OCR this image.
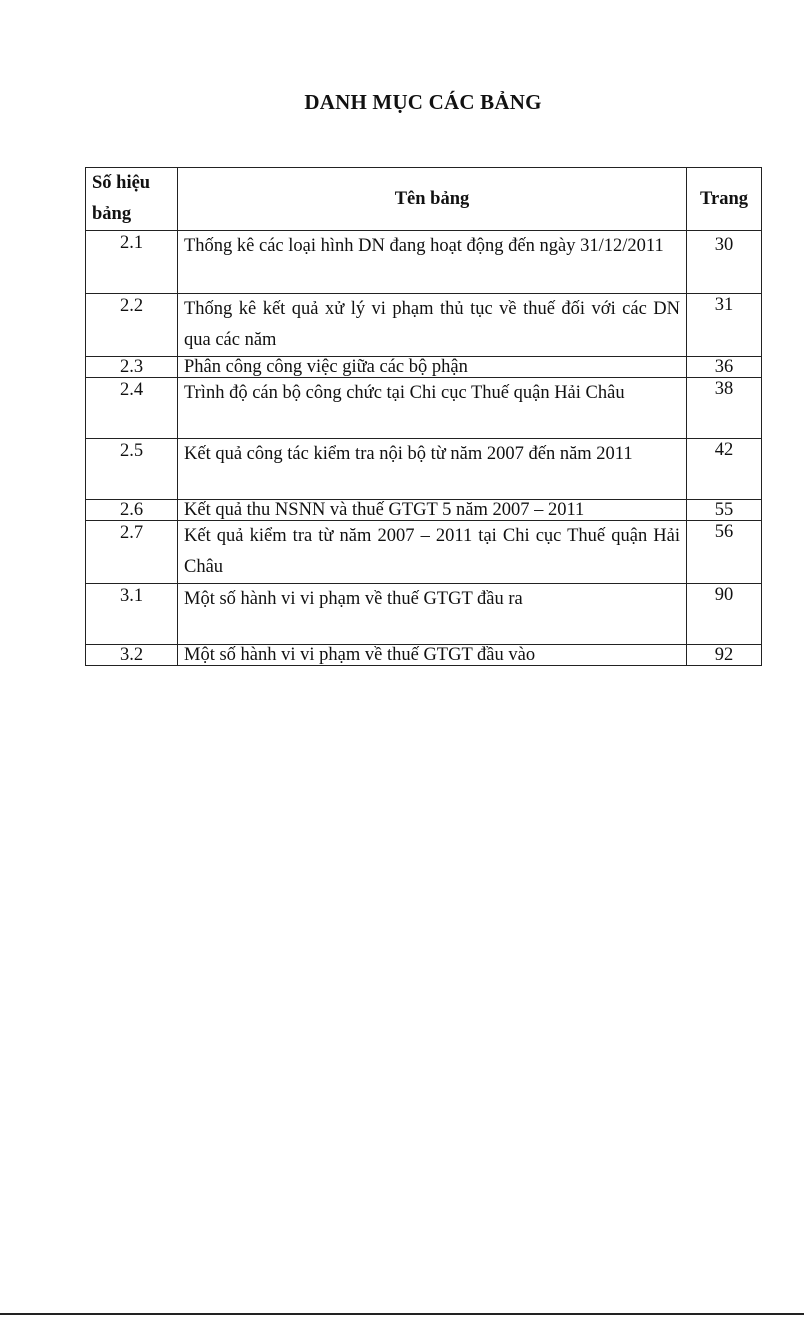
DANH MỤC CÁC BẢNG
Số hiệu bảng	Tên bảng	Trang
2.1	Thống kê các loại hình DN đang hoạt động đến ngày 31/12/2011	30
2.2	Thống kê kết quả xử lý vi phạm thủ tục về thuế đối với các DN qua các năm	31
2.3	Phân công công việc giữa các bộ phận	36
2.4	Trình độ cán bộ công chức tại Chi cục Thuế quận Hải Châu	38
2.5	Kết quả công tác kiểm tra nội bộ từ năm 2007 đến năm 2011	42
2.6	Kết quả thu NSNN và thuế GTGT 5 năm 2007 – 2011	55
2.7	Kết quả kiểm tra từ năm 2007 – 2011 tại Chi cục Thuế quận Hải Châu	56
3.1	Một số hành vi vi phạm về thuế GTGT đầu ra	90
3.2	Một số hành vi vi phạm về thuế GTGT đầu vào	92
